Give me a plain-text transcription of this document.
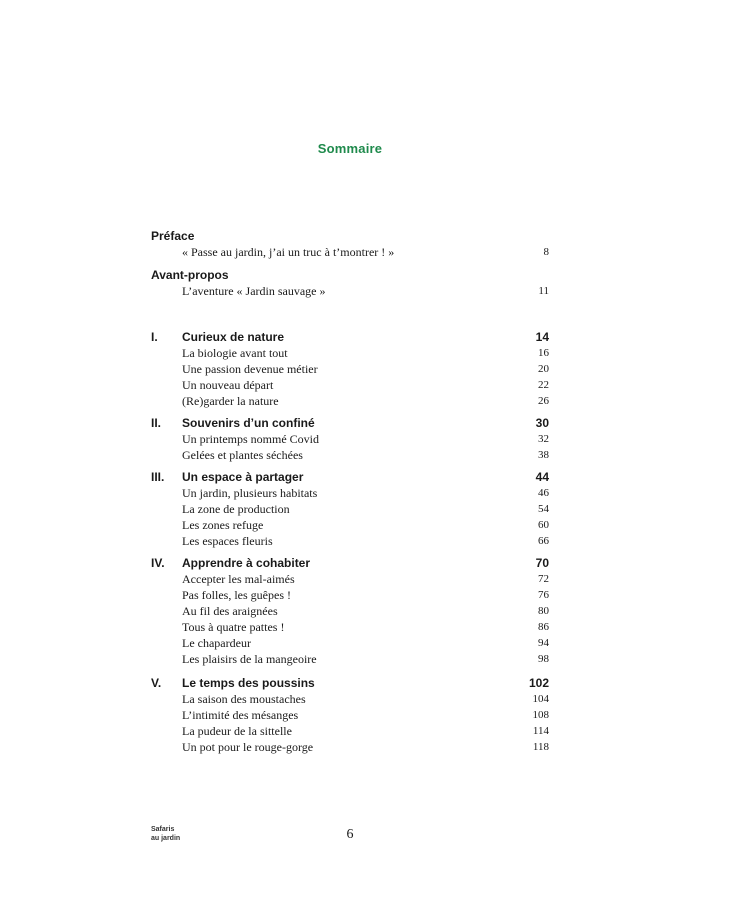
Sommaire
Préface
« Passe au jardin, j’ai un truc à t’montrer ! »	8
Avant-propos
L’aventure « Jardin sauvage »	11
I. Curieux de nature	14
La biologie avant tout	16
Une passion devenue métier	20
Un nouveau départ	22
(Re)garder la nature	26
II. Souvenirs d’un confiné	30
Un printemps nommé Covid	32
Gelées et plantes séchées	38
III. Un espace à partager	44
Un jardin, plusieurs habitats	46
La zone de production	54
Les zones refuge	60
Les espaces fleuris	66
IV. Apprendre à cohabiter	70
Accepter les mal-aimés	72
Pas folles, les guêpes !	76
Au fil des araignées	80
Tous à quatre pattes !	86
Le chapardeur	94
Les plaisirs de la mangeoire	98
V. Le temps des poussins	102
La saison des moustaches	104
L’intimité des mésanges	108
La pudeur de la sittelle	114
Un pot pour le rouge-gorge	118
Safaris
au jardin	6
